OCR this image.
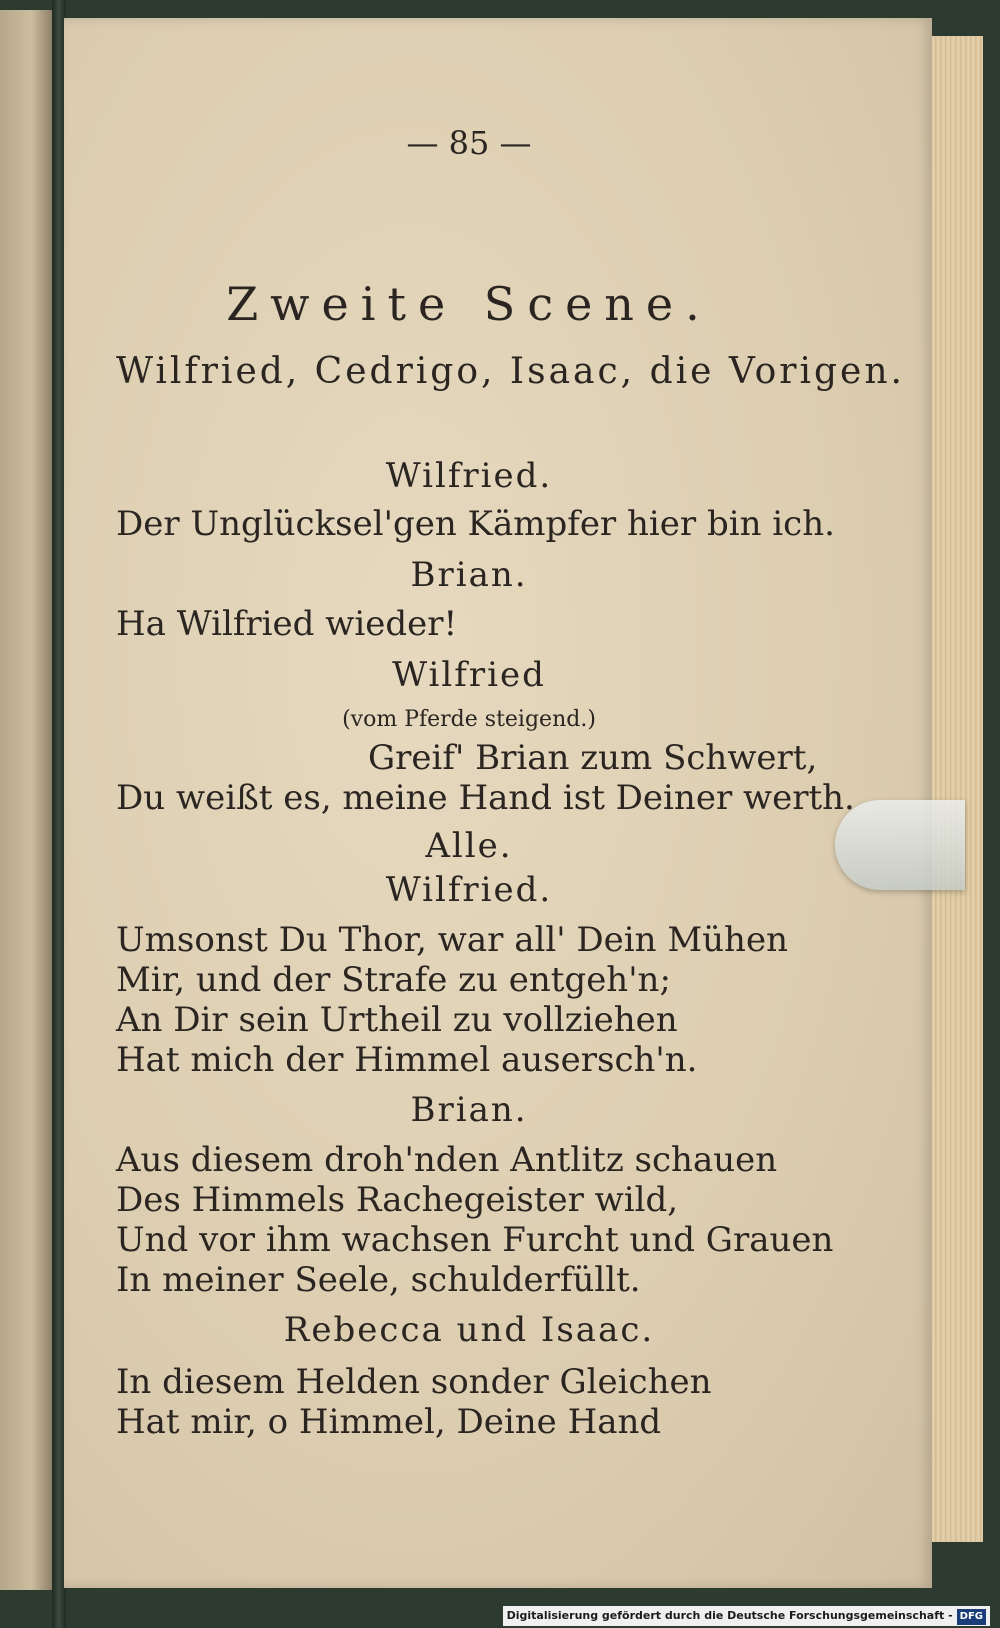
— 85 —
Zweite Scene.
Wilfried, Cedrigo, Isaac, die Vorigen.
Wilfried.
Der Unglücksel'gen Kämpfer hier bin ich.
Brian.
Ha Wilfried wieder!
Wilfried
(vom Pferde steigend.)
Greif' Brian zum Schwert,
Du weißt es, meine Hand ist Deiner werth.
Alle.
Wilfried.
Umsonst Du Thor, war all' Dein Mühen
Mir, und der Strafe zu entgeh'n;
An Dir sein Urtheil zu vollziehen
Hat mich der Himmel ausersch'n.
Brian.
Aus diesem droh'nden Antlitz schauen
Des Himmels Rachegeister wild,
Und vor ihm wachsen Furcht und Grauen
In meiner Seele, schulderfüllt.
Rebecca und Isaac.
In diesem Helden sonder Gleichen
Hat mir, o Himmel, Deine Hand
Digitalisierung gefördert durch die Deutsche Forschungsgemeinschaft - DFG
